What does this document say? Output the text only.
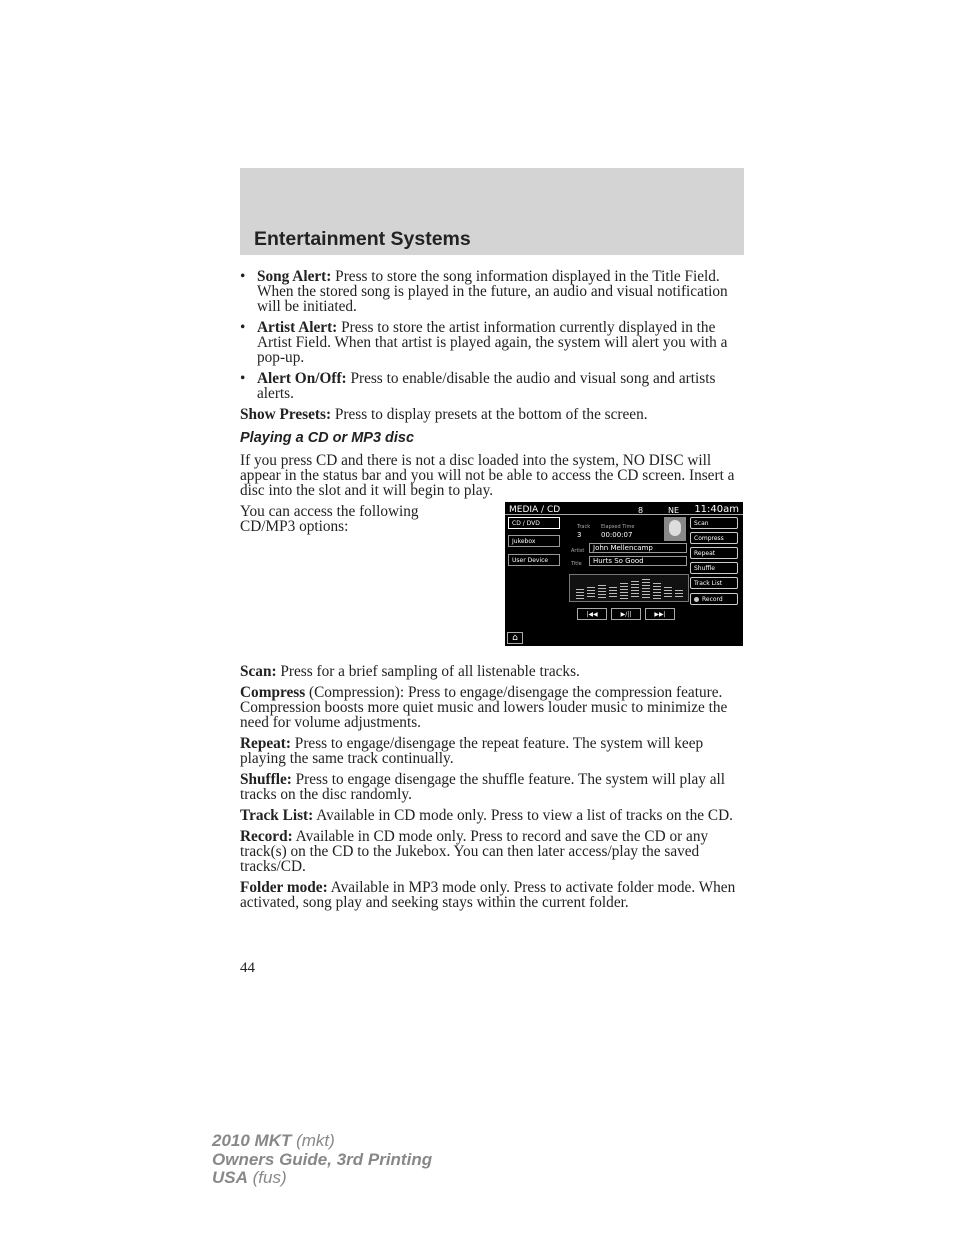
Entertainment Systems
• Song Alert: Press to store the song information displayed in the Title Field. When the stored song is played in the future, an audio and visual notification will be initiated.
• Artist Alert: Press to store the artist information currently displayed in the Artist Field. When that artist is played again, the system will alert you with a pop-up.
• Alert On/Off: Press to enable/disable the audio and visual song and artists alerts.
Show Presets: Press to display presets at the bottom of the screen.
Playing a CD or MP3 disc
If you press CD and there is not a disc loaded into the system, NO DISC will appear in the status bar and you will not be able to access the CD screen. Insert a disc into the slot and it will begin to play.
You can access the following CD/MP3 options:
MEDIA / CD	8	NE 11:40am
CD / DVD
Jukebox
User Device
Track
3
Elapsed Time
00:00:07
Artist	John Mellencamp
Title	Hurts So Good
Scan
Compress
Repeat
Shuffle
Track List
Record
|◀◀	▶/||	▶▶|
⌂
Scan: Press for a brief sampling of all listenable tracks.
Compress (Compression): Press to engage/disengage the compression feature. Compression boosts more quiet music and lowers louder music to minimize the need for volume adjustments.
Repeat: Press to engage/disengage the repeat feature. The system will keep playing the same track continually.
Shuffle: Press to engage disengage the shuffle feature. The system will play all tracks on the disc randomly.
Track List: Available in CD mode only. Press to view a list of tracks on the CD.
Record: Available in CD mode only. Press to record and save the CD or any track(s) on the CD to the Jukebox. You can then later access/play the saved tracks/CD.
Folder mode: Available in MP3 mode only. Press to activate folder mode. When activated, song play and seeking stays within the current folder.
44
2010 MKT (mkt)
Owners Guide, 3rd Printing
USA (fus)
